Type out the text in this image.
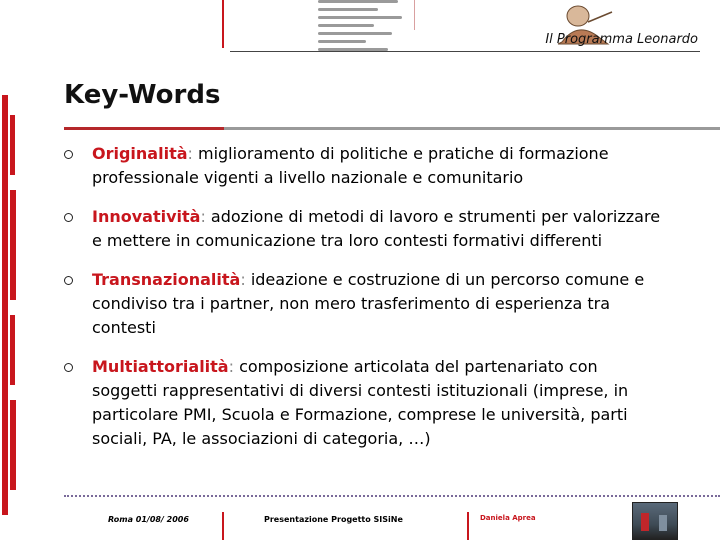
Il Programma Leonardo
Key-Words
Originalità: miglioramento di politiche e pratiche di formazione professionale vigenti a livello nazionale e comunitario
Innovatività: adozione di metodi di lavoro e strumenti per valorizzare e mettere in comunicazione tra loro contesti formativi differenti
Transnazionalità: ideazione e costruzione di un percorso comune e condiviso tra i partner, non mero trasferimento di esperienza tra contesti
Multiattorialità: composizione articolata del partenariato con soggetti rappresentativi di diversi contesti istituzionali (imprese, in particolare PMI, Scuola e Formazione, comprese le università, parti sociali, PA, le associazioni di categoria, …)
Roma 01/08/ 2006	Presentazione Progetto SISiNe	Daniela Aprea
